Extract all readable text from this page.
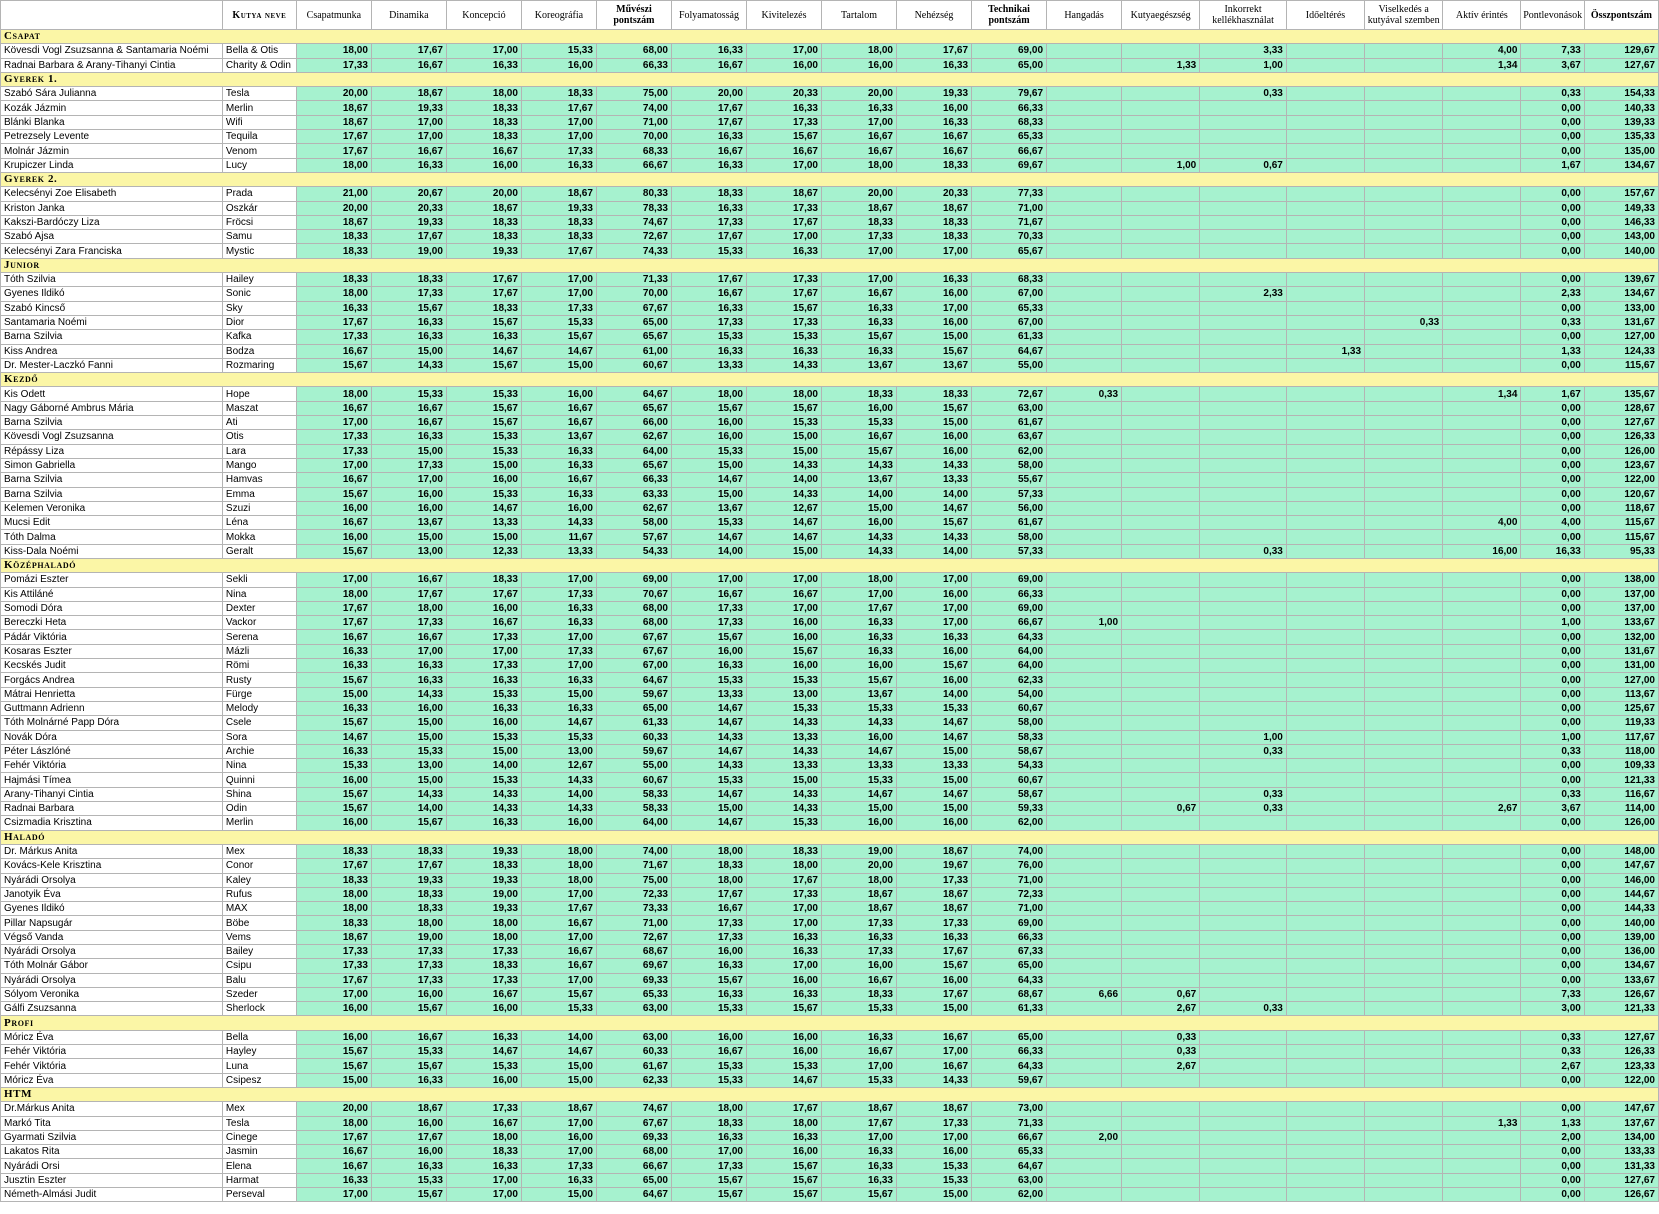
	Kutya neve	Csapatmunka	Dinamika	Koncepció	Koreográfia	Művészi pontszám	Folyamatosság	Kivitelezés	Tartalom	Nehézség	Technikai pontszám	Hangadás	Kutyaegészség	Inkorrekt kellékhasználat	Időeltérés	Viselkedés a kutyával szemben	Aktív érintés	Pontlevonások	Összpontszám
Csapat																			
Kövesdi Vogl Zsuzsanna & Santamaria Noémi	Bella & Otis	18,00	17,67	17,00	15,33	68,00	16,33	17,00	18,00	17,67	69,00			3,33			4,00	7,33	129,67
Radnai Barbara & Arany-Tihanyi Cintia	Charity & Odin	17,33	16,67	16,33	16,00	66,33	16,67	16,00	16,00	16,33	65,00		1,33	1,00			1,34	3,67	127,67
Gyerek 1.																			
Szabó Sára Julianna	Tesla	20,00	18,67	18,00	18,33	75,00	20,00	20,33	20,00	19,33	79,67			0,33				0,33	154,33
Kozák Jázmin	Merlin	18,67	19,33	18,33	17,67	74,00	17,67	16,33	16,33	16,00	66,33							0,00	140,33
Blánki Blanka	Wifi	18,67	17,00	18,33	17,00	71,00	17,67	17,33	17,00	16,33	68,33							0,00	139,33
Petrezsely Levente	Tequila	17,67	17,00	18,33	17,00	70,00	16,33	15,67	16,67	16,67	65,33							0,00	135,33
Molnár Jázmin	Venom	17,67	16,67	16,67	17,33	68,33	16,67	16,67	16,67	16,67	66,67							0,00	135,00
Krupiczer Linda	Lucy	18,00	16,33	16,00	16,33	66,67	16,33	17,00	18,00	18,33	69,67		1,00	0,67				1,67	134,67
Gyerek 2.																			
Kelecsényi Zoe Elisabeth	Prada	21,00	20,67	20,00	18,67	80,33	18,33	18,67	20,00	20,33	77,33							0,00	157,67
Kriston Janka	Oszkár	20,00	20,33	18,67	19,33	78,33	16,33	17,33	18,67	18,67	71,00							0,00	149,33
Kakszi-Bardóczy Liza	Fröcsi	18,67	19,33	18,33	18,33	74,67	17,33	17,67	18,33	18,33	71,67							0,00	146,33
Szabó Ajsa	Samu	18,33	17,67	18,33	18,33	72,67	17,67	17,00	17,33	18,33	70,33							0,00	143,00
Kelecsényi Zara Franciska	Mystic	18,33	19,00	19,33	17,67	74,33	15,33	16,33	17,00	17,00	65,67							0,00	140,00
Junior																			
Tóth Szilvia	Hailey	18,33	18,33	17,67	17,00	71,33	17,67	17,33	17,00	16,33	68,33							0,00	139,67
Gyenes Ildikó	Sonic	18,00	17,33	17,67	17,00	70,00	16,67	17,67	16,67	16,00	67,00			2,33				2,33	134,67
Szabó Kincső	Sky	16,33	15,67	18,33	17,33	67,67	16,33	15,67	16,33	17,00	65,33							0,00	133,00
Santamaria Noémi	Dior	17,67	16,33	15,67	15,33	65,00	17,33	17,33	16,33	16,00	67,00					0,33		0,33	131,67
Barna Szilvia	Kafka	17,33	16,33	16,33	15,67	65,67	15,33	15,33	15,67	15,00	61,33							0,00	127,00
Kiss Andrea	Bodza	16,67	15,00	14,67	14,67	61,00	16,33	16,33	16,33	15,67	64,67				1,33			1,33	124,33
Dr. Mester-Laczkó Fanni	Rozmaring	15,67	14,33	15,67	15,00	60,67	13,33	14,33	13,67	13,67	55,00							0,00	115,67
Kezdő																			
Kis Odett	Hope	18,00	15,33	15,33	16,00	64,67	18,00	18,00	18,33	18,33	72,67	0,33					1,34	1,67	135,67
Nagy Gáborné Ambrus Mária	Maszat	16,67	16,67	15,67	16,67	65,67	15,67	15,67	16,00	15,67	63,00							0,00	128,67
Barna Szilvia	Ati	17,00	16,67	15,67	16,67	66,00	16,00	15,33	15,33	15,00	61,67							0,00	127,67
Kövesdi Vogl Zsuzsanna	Otis	17,33	16,33	15,33	13,67	62,67	16,00	15,00	16,67	16,00	63,67							0,00	126,33
Répássy Liza	Lara	17,33	15,00	15,33	16,33	64,00	15,33	15,00	15,67	16,00	62,00							0,00	126,00
Simon Gabriella	Mango	17,00	17,33	15,00	16,33	65,67	15,00	14,33	14,33	14,33	58,00							0,00	123,67
Barna Szilvia	Hamvas	16,67	17,00	16,00	16,67	66,33	14,67	14,00	13,67	13,33	55,67							0,00	122,00
Barna Szilvia	Emma	15,67	16,00	15,33	16,33	63,33	15,00	14,33	14,00	14,00	57,33							0,00	120,67
Kelemen Veronika	Szuzi	16,00	16,00	14,67	16,00	62,67	13,67	12,67	15,00	14,67	56,00							0,00	118,67
Mucsi Edit	Léna	16,67	13,67	13,33	14,33	58,00	15,33	14,67	16,00	15,67	61,67						4,00	4,00	115,67
Tóth Dalma	Mokka	16,00	15,00	15,00	11,67	57,67	14,67	14,67	14,33	14,33	58,00							0,00	115,67
Kiss-Dala Noémi	Geralt	15,67	13,00	12,33	13,33	54,33	14,00	15,00	14,33	14,00	57,33			0,33			16,00	16,33	95,33
Középhaladó																			
Pomázi Eszter	Sekli	17,00	16,67	18,33	17,00	69,00	17,00	17,00	18,00	17,00	69,00							0,00	138,00
Kis Attiláné	Nina	18,00	17,67	17,67	17,33	70,67	16,67	16,67	17,00	16,00	66,33							0,00	137,00
Somodi Dóra	Dexter	17,67	18,00	16,00	16,33	68,00	17,33	17,00	17,67	17,00	69,00							0,00	137,00
Bereczki Heta	Vackor	17,67	17,33	16,67	16,33	68,00	17,33	16,00	16,33	17,00	66,67	1,00						1,00	133,67
Pádár Viktória	Serena	16,67	16,67	17,33	17,00	67,67	15,67	16,00	16,33	16,33	64,33							0,00	132,00
Kosaras Eszter	Mázli	16,33	17,00	17,00	17,33	67,67	16,00	15,67	16,33	16,00	64,00							0,00	131,67
Kecskés Judit	Römi	16,33	16,33	17,33	17,00	67,00	16,33	16,00	16,00	15,67	64,00							0,00	131,00
Forgács Andrea	Rusty	15,67	16,33	16,33	16,33	64,67	15,33	15,33	15,67	16,00	62,33							0,00	127,00
Mátrai Henrietta	Fürge	15,00	14,33	15,33	15,00	59,67	13,33	13,00	13,67	14,00	54,00							0,00	113,67
Guttmann Adrienn	Melody	16,33	16,00	16,33	16,33	65,00	14,67	15,33	15,33	15,33	60,67							0,00	125,67
Tóth Molnárné Papp Dóra	Csele	15,67	15,00	16,00	14,67	61,33	14,67	14,33	14,33	14,67	58,00							0,00	119,33
Novák Dóra	Sora	14,67	15,00	15,33	15,33	60,33	14,33	13,33	16,00	14,67	58,33			1,00				1,00	117,67
Péter Lászlóné	Archie	16,33	15,33	15,00	13,00	59,67	14,67	14,33	14,67	15,00	58,67			0,33				0,33	118,00
Fehér Viktória	Nina	15,33	13,00	14,00	12,67	55,00	14,33	13,33	13,33	13,33	54,33							0,00	109,33
Hajmási Tímea	Quinni	16,00	15,00	15,33	14,33	60,67	15,33	15,00	15,33	15,00	60,67							0,00	121,33
Arany-Tihanyi Cintia	Shina	15,67	14,33	14,33	14,00	58,33	14,67	14,33	14,67	14,67	58,67			0,33				0,33	116,67
Radnai Barbara	Odin	15,67	14,00	14,33	14,33	58,33	15,00	14,33	15,00	15,00	59,33		0,67	0,33			2,67	3,67	114,00
Csizmadia Krisztina	Merlin	16,00	15,67	16,33	16,00	64,00	14,67	15,33	16,00	16,00	62,00							0,00	126,00
Haladó																			
Dr. Márkus Anita	Mex	18,33	18,33	19,33	18,00	74,00	18,00	18,33	19,00	18,67	74,00							0,00	148,00
Kovács-Kele Krisztina	Conor	17,67	17,67	18,33	18,00	71,67	18,33	18,00	20,00	19,67	76,00							0,00	147,67
Nyárádi Orsolya	Kaley	18,33	19,33	19,33	18,00	75,00	18,00	17,67	18,00	17,33	71,00							0,00	146,00
Janotyik Éva	Rufus	18,00	18,33	19,00	17,00	72,33	17,67	17,33	18,67	18,67	72,33							0,00	144,67
Gyenes Ildikó	MAX	18,00	18,33	19,33	17,67	73,33	16,67	17,00	18,67	18,67	71,00							0,00	144,33
Pillar Napsugár	Böbe	18,33	18,00	18,00	16,67	71,00	17,33	17,00	17,33	17,33	69,00							0,00	140,00
Végső Vanda	Vems	18,67	19,00	18,00	17,00	72,67	17,33	16,33	16,33	16,33	66,33							0,00	139,00
Nyárádi Orsolya	Bailey	17,33	17,33	17,33	16,67	68,67	16,00	16,33	17,33	17,67	67,33							0,00	136,00
Tóth Molnár Gábor	Csipu	17,33	17,33	18,33	16,67	69,67	16,33	17,00	16,00	15,67	65,00							0,00	134,67
Nyárádi Orsolya	Balu	17,67	17,33	17,33	17,00	69,33	15,67	16,00	16,67	16,00	64,33							0,00	133,67
Sólyom Veronika	Szeder	17,00	16,00	16,67	15,67	65,33	16,33	16,33	18,33	17,67	68,67	6,66	0,67					7,33	126,67
Gálfi Zsuzsanna	Sherlock	16,00	15,67	16,00	15,33	63,00	15,33	15,67	15,33	15,00	61,33		2,67	0,33				3,00	121,33
Profi																			
Móricz Éva	Bella	16,00	16,67	16,33	14,00	63,00	16,00	16,00	16,33	16,67	65,00		0,33					0,33	127,67
Fehér Viktória	Hayley	15,67	15,33	14,67	14,67	60,33	16,67	16,00	16,67	17,00	66,33		0,33					0,33	126,33
Fehér Viktória	Luna	15,67	15,67	15,33	15,00	61,67	15,33	15,33	17,00	16,67	64,33		2,67					2,67	123,33
Móricz Éva	Csipesz	15,00	16,33	16,00	15,00	62,33	15,33	14,67	15,33	14,33	59,67							0,00	122,00
HTM																			
Dr.Márkus Anita	Mex	20,00	18,67	17,33	18,67	74,67	18,00	17,67	18,67	18,67	73,00							0,00	147,67
Markó Tita	Tesla	18,00	16,00	16,67	17,00	67,67	18,33	18,00	17,67	17,33	71,33						1,33	1,33	137,67
Gyarmati Szilvia	Cinege	17,67	17,67	18,00	16,00	69,33	16,33	16,33	17,00	17,00	66,67	2,00						2,00	134,00
Lakatos Rita	Jasmin	16,67	16,00	18,33	17,00	68,00	17,00	16,00	16,33	16,00	65,33							0,00	133,33
Nyárádi Orsi	Elena	16,67	16,33	16,33	17,33	66,67	17,33	15,67	16,33	15,33	64,67							0,00	131,33
Jusztin Eszter	Harmat	16,33	15,33	17,00	16,33	65,00	15,67	15,67	16,33	15,33	63,00							0,00	127,67
Németh-Almási Judit	Perseval	17,00	15,67	17,00	15,00	64,67	15,67	15,67	15,67	15,00	62,00							0,00	126,67
